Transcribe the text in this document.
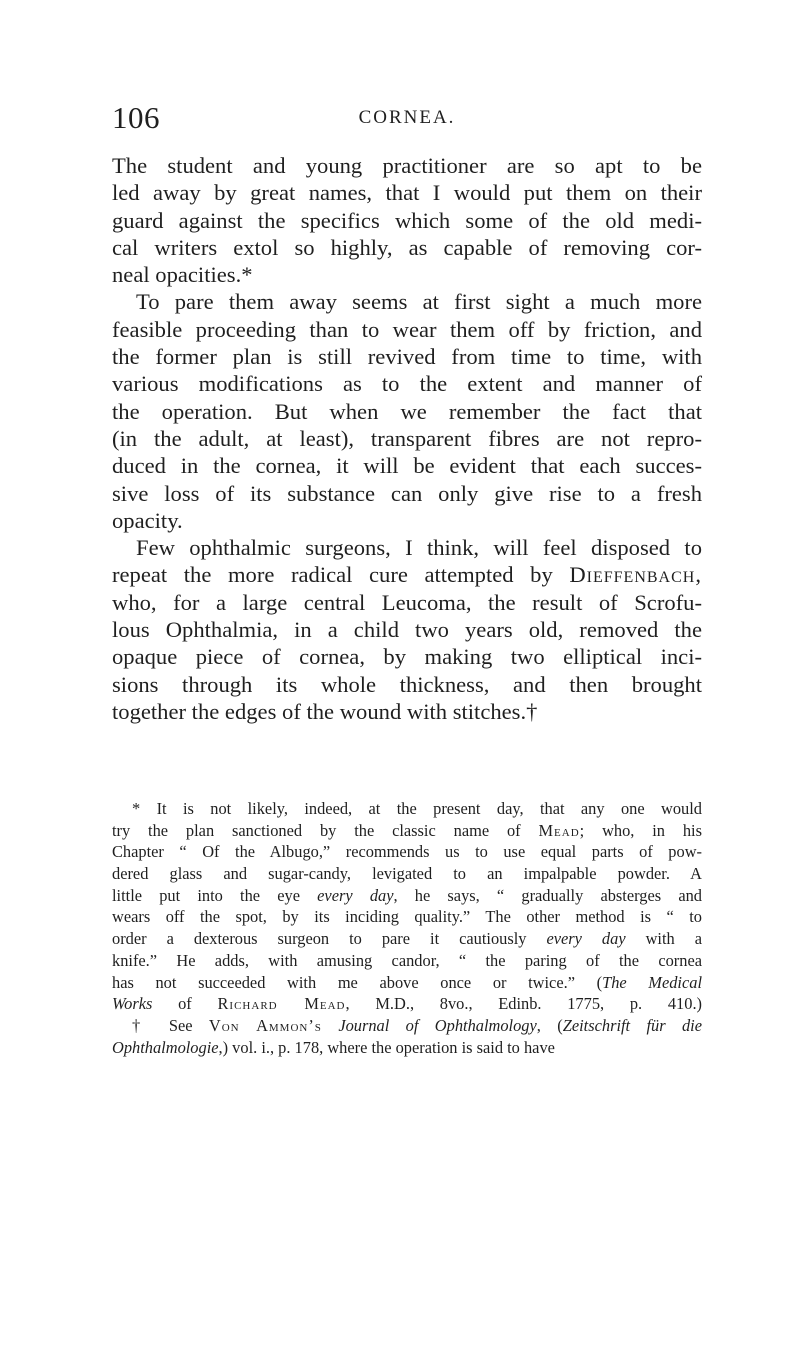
106	CORNEA.
The student and young practitioner are so apt to be
led away by great names, that I would put them on their
guard against the specifics which some of the old medi-
cal writers extol so highly, as capable of removing cor-
neal opacities.*
To pare them away seems at first sight a much more
feasible proceeding than to wear them off by friction, and
the former plan is still revived from time to time, with
various modifications as to the extent and manner of
the operation. But when we remember the fact that
(in the adult, at least), transparent fibres are not repro-
duced in the cornea, it will be evident that each succes-
sive loss of its substance can only give rise to a fresh
opacity.
Few ophthalmic surgeons, I think, will feel disposed to
repeat the more radical cure attempted by Dieffenbach,
who, for a large central Leucoma, the result of Scrofu-
lous Ophthalmia, in a child two years old, removed the
opaque piece of cornea, by making two elliptical inci-
sions through its whole thickness, and then brought
together the edges of the wound with stitches.†
* It is not likely, indeed, at the present day, that any one would
try the plan sanctioned by the classic name of Mead; who, in his
Chapter “ Of the Albugo,” recommends us to use equal parts of pow-
dered glass and sugar-candy, levigated to an impalpable powder. A
little put into the eye every day, he says, “ gradually absterges and
wears off the spot, by its inciding quality.” The other method is “ to
order a dexterous surgeon to pare it cautiously every day with a
knife.” He adds, with amusing candor, “ the paring of the cornea
has not succeeded with me above once or twice.” (The Medical
Works of Richard Mead, M.D., 8vo., Edinb. 1775, p. 410.)
† See Von Ammon’s Journal of Ophthalmology, (Zeitschrift für die
Ophthalmologie,) vol. i., p. 178, where the operation is said to have
